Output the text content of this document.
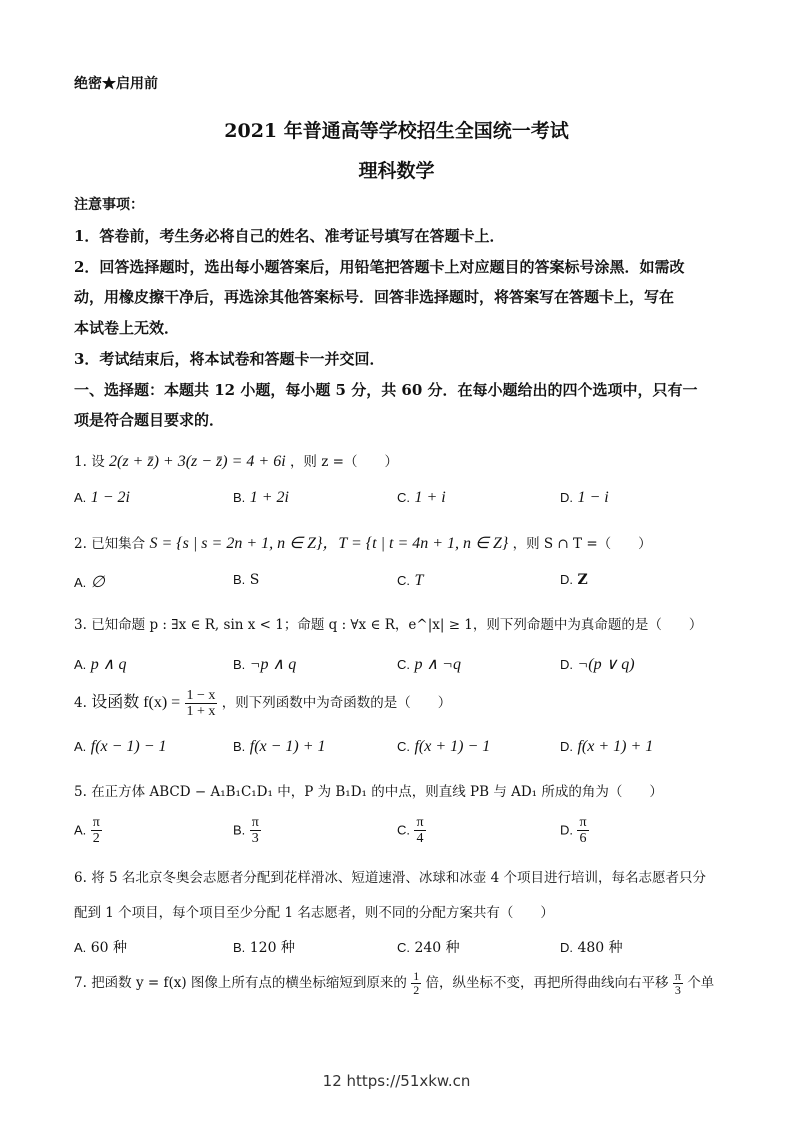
绝密★启用前
2021 年普通高等学校招生全国统一考试
理科数学
注意事项：
1．答卷前，考生务必将自己的姓名、准考证号填写在答题卡上．
2．回答选择题时，选出每小题答案后，用铅笔把答题卡上对应题目的答案标号涂黑．如需改
动，用橡皮擦干净后，再选涂其他答案标号．回答非选择题时，将答案写在答题卡上，写在
本试卷上无效．
3．考试结束后，将本试卷和答题卡一并交回．
一、选择题：本题共 12 小题，每小题 5 分，共 60 分．在每小题给出的四个选项中，只有一
项是符合题目要求的．
1. 设 2(z + z̄) + 3(z − z̄) = 4 + 6i ，则 z =（　　）
A. 1 − 2i	B. 1 + 2i	C. 1 + i	D. 1 − i
2. 已知集合 S = {s | s = 2n + 1, n ∈ Z}，T = {t | t = 4n + 1, n ∈ Z} ，则 S ∩ T =（　　）
A. ∅	B. S	C. T	D. Z
3. 已知命题 p : ∃x ∈ R, sin x < 1；命题 q : ∀x ∈ R，e^|x| ≥ 1，则下列命题中为真命题的是（　　）
A. p ∧ q	B. ¬p ∧ q	C. p ∧ ¬q	D. ¬(p ∨ q)
4. 设函数 $f(x) = \frac{1 - x}{1 + x}$ ，则下列函数中为奇函数的是（　　）
A. f(x − 1) − 1	B. f(x − 1) + 1	C. f(x + 1) − 1	D. f(x + 1) + 1
5. 在正方体 ABCD − A₁B₁C₁D₁ 中，P 为 B₁D₁ 的中点，则直线 PB 与 AD₁ 所成的角为（　　）
A. $\frac{\pi}{2}$	B. $\frac{\pi}{3}$	C. $\frac{\pi}{4}$	D. $\frac{\pi}{6}$
6. 将 5 名北京冬奥会志愿者分配到花样滑冰、短道速滑、冰球和冰壶 4 个项目进行培训，每名志愿者只分
配到 1 个项目，每个项目至少分配 1 名志愿者，则不同的分配方案共有（　　）
A. 60 种	B. 120 种	C. 240 种	D. 480 种
7. 把函数 y = f(x) 图像上所有点的横坐标缩短到原来的 $\frac{1}{2}$ 倍，纵坐标不变，再把所得曲线向右平移 $\frac{\pi}{3}$ 个单
12 https://51xkw.cn
